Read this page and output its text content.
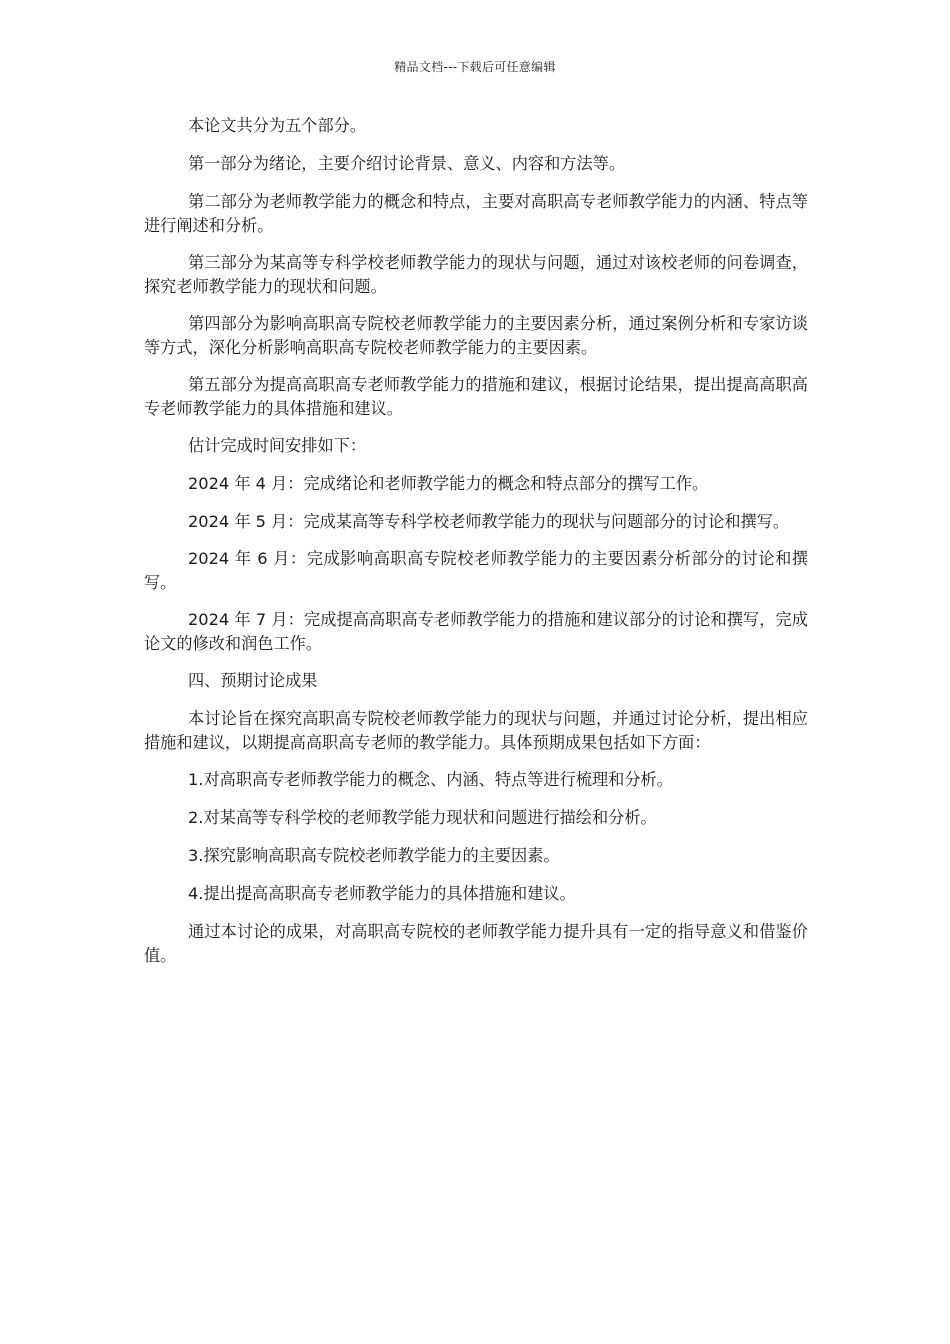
精品文档---下载后可任意编辑

本论文共分为五个部分。

第一部分为绪论，主要介绍讨论背景、意义、内容和方法等。

第二部分为老师教学能力的概念和特点，主要对高职高专老师教学能力的内涵、特点等进行阐述和分析。

第三部分为某高等专科学校老师教学能力的现状与问题，通过对该校老师的问卷调查，探究老师教学能力的现状和问题。

第四部分为影响高职高专院校老师教学能力的主要因素分析，通过案例分析和专家访谈等方式，深化分析影响高职高专院校老师教学能力的主要因素。

第五部分为提高高职高专老师教学能力的措施和建议，根据讨论结果，提出提高高职高专老师教学能力的具体措施和建议。

估计完成时间安排如下：

2024 年 4 月：完成绪论和老师教学能力的概念和特点部分的撰写工作。

2024 年 5 月：完成某高等专科学校老师教学能力的现状与问题部分的讨论和撰写。

2024 年 6 月：完成影响高职高专院校老师教学能力的主要因素分析部分的讨论和撰写。

2024 年 7 月：完成提高高职高专老师教学能力的措施和建议部分的讨论和撰写，完成论文的修改和润色工作。

四、预期讨论成果

本讨论旨在探究高职高专院校老师教学能力的现状与问题，并通过讨论分析，提出相应措施和建议，以期提高高职高专老师的教学能力。具体预期成果包括如下方面：

1.对高职高专老师教学能力的概念、内涵、特点等进行梳理和分析。

2.对某高等专科学校的老师教学能力现状和问题进行描绘和分析。

3.探究影响高职高专院校老师教学能力的主要因素。

4.提出提高高职高专老师教学能力的具体措施和建议。

通过本讨论的成果，对高职高专院校的老师教学能力提升具有一定的指导意义和借鉴价值。
